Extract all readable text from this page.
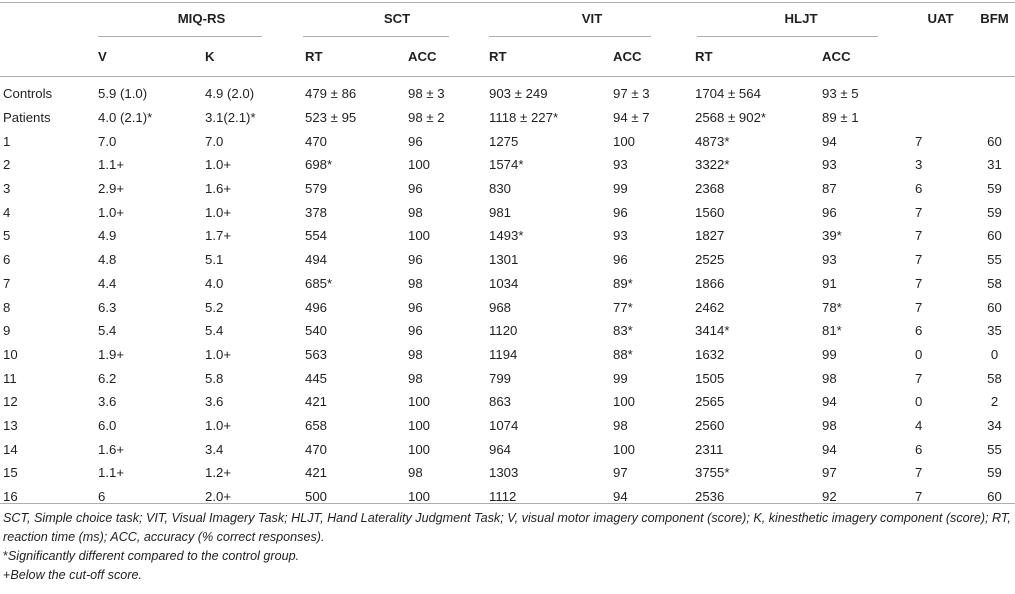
	MIQ-RS		SCT		VIT		HLJT		UAT	BFM
	V	K	RT	ACC	RT	ACC	RT	ACC		

Controls	5.9 (1.0)	4.9 (2.0)	479 ± 86	98 ± 3	903 ± 249	97 ± 3	1704 ± 564	93 ± 5		
Patients	4.0 (2.1)*	3.1(2.1)*	523 ± 95	98 ± 2	1118 ± 227*	94 ± 7	2568 ± 902*	89 ± 1		
1	7.0	7.0	470	96	1275	100	4873*	94	7	60
2	1.1+	1.0+	698*	100	1574*	93	3322*	93	3	31
3	2.9+	1.6+	579	96	830	99	2368	87	6	59
4	1.0+	1.0+	378	98	981	96	1560	96	7	59
5	4.9	1.7+	554	100	1493*	93	1827	39*	7	60
6	4.8	5.1	494	96	1301	96	2525	93	7	55
7	4.4	4.0	685*	98	1034	89*	1866	91	7	58
8	6.3	5.2	496	96	968	77*	2462	78*	7	60
9	5.4	5.4	540	96	1120	83*	3414*	81*	6	35
10	1.9+	1.0+	563	98	1194	88*	1632	99	0	0
11	6.2	5.8	445	98	799	99	1505	98	7	58
12	3.6	3.6	421	100	863	100	2565	94	0	2
13	6.0	1.0+	658	100	1074	98	2560	98	4	34
14	1.6+	3.4	470	100	964	100	2311	94	6	55
15	1.1+	1.2+	421	98	1303	97	3755*	97	7	59
16	6	2.0+	500	100	1112	94	2536	92	7	60

SCT, Simple choice task; VIT, Visual Imagery Task; HLJT, Hand Laterality Judgment Task; V, visual motor imagery component (score); K, kinesthetic imagery component (score); RT, reaction time (ms); ACC, accuracy (% correct responses).

*Significantly different compared to the control group.

+Below the cut-off score.
